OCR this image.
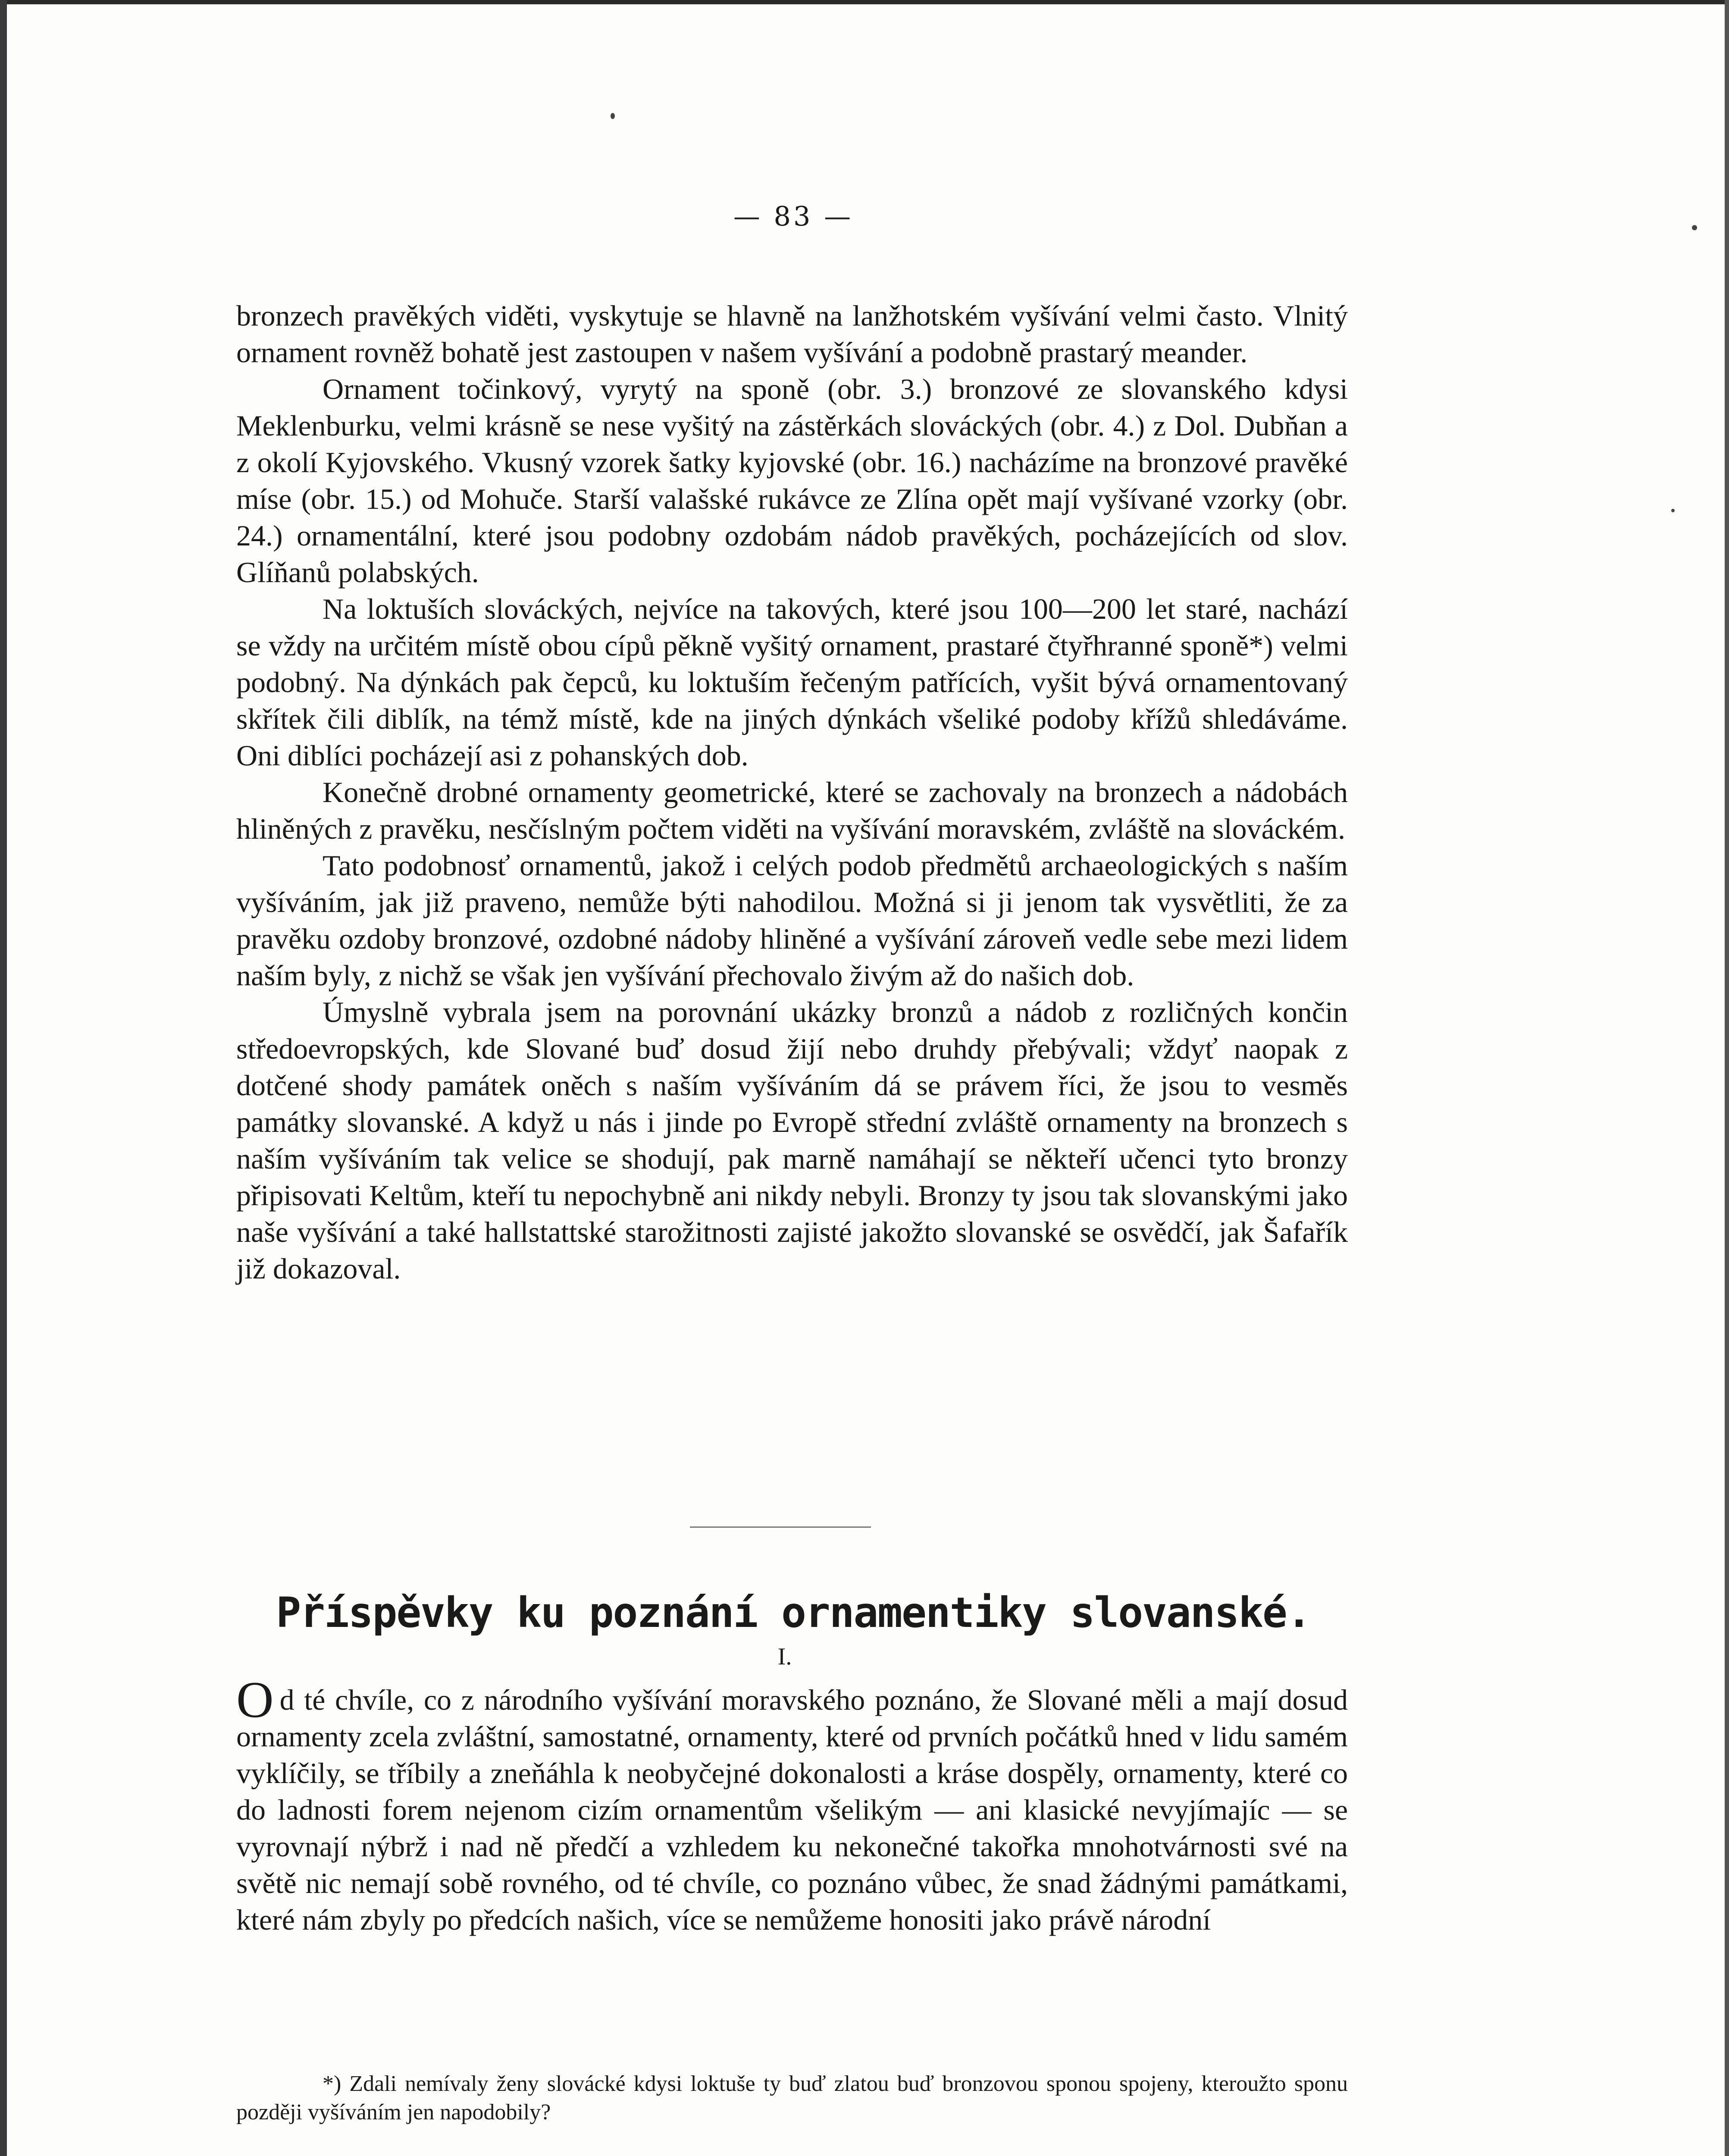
— 83 —

bronzech pravěkých viděti, vyskytuje se hlavně na lanžhotském vyšívání velmi často. Vlnitý ornament rovněž bohatě jest zastoupen v našem vyšívání a podobně prastarý meander.

Ornament točinkový, vyrytý na sponě (obr. 3.) bronzové ze slovanského kdysi Meklenburku, velmi krásně se nese vyšitý na zástěrkách slováckých (obr. 4.) z Dol. Dubňan a z okolí Kyjovského. Vkusný vzorek šatky kyjovské (obr. 16.) nacházíme na bronzové pravěké míse (obr. 15.) od Mohuče. Starší valašské rukávce ze Zlína opět mají vyšívané vzorky (obr. 24.) ornamentální, které jsou podobny ozdobám nádob pravěkých, pocházejících od slov. Glíňanů polabských.

Na loktuších slováckých, nejvíce na takových, které jsou 100—200 let staré, nachází se vždy na určitém místě obou cípů pěkně vyšitý ornament, prastaré čtyřhranné sponě*) velmi podobný. Na dýnkách pak čepců, ku loktuším řečeným patřících, vyšit bývá ornamentovaný skřítek čili diblík, na témž místě, kde na jiných dýnkách všeliké podoby křížů shledáváme. Oni diblíci pocházejí asi z pohanských dob.

Konečně drobné ornamenty geometrické, které se zachovaly na bronzech a nádobách hliněných z pravěku, nesčíslným počtem viděti na vyšívání moravském, zvláště na slováckém.

Tato podobnosť ornamentů, jakož i celých podob předmětů archaeologických s naším vyšíváním, jak již praveno, nemůže býti nahodilou. Možná si ji jenom tak vysvětliti, že za pravěku ozdoby bronzové, ozdobné nádoby hliněné a vyšívání zároveň vedle sebe mezi lidem naším byly, z nichž se však jen vyšívání přechovalo živým až do našich dob.

Úmyslně vybrala jsem na porovnání ukázky bronzů a nádob z rozličných končin středoevropských, kde Slované buď dosud žijí nebo druhdy přebývali; vždyť naopak z dotčené shody památek oněch s naším vyšíváním dá se právem říci, že jsou to vesměs památky slovanské. A když u nás i jinde po Evropě střední zvláště ornamenty na bronzech s naším vyšíváním tak velice se shodují, pak marně namáhají se někteří učenci tyto bronzy připisovati Keltům, kteří tu nepochybně ani nikdy nebyli. Bronzy ty jsou tak slovanskými jako naše vyšívání a také hallstattské starožitnosti zajisté jakožto slovanské se osvědčí, jak Šafařík již dokazoval.

Příspěvky ku poznání ornamentiky slovanské.
I.

Od té chvíle, co z národního vyšívání moravského poznáno, že Slované měli a mají dosud ornamenty zcela zvláštní, samostatné, ornamenty, které od prvních počátků hned v lidu samém vyklíčily, se tříbily a zneňáhla k neobyčejné dokonalosti a kráse dospěly, ornamenty, které co do ladnosti forem nejenom cizím ornamentům všelikým — ani klasické nevyjímajíc — se vyrovnají nýbrž i nad ně předčí a vzhledem ku nekonečné takořka mnohotvárnosti své na světě nic nemají sobě rovného, od té chvíle, co poznáno vůbec, že snad žádnými památkami, které nám zbyly po předcích našich, více se nemůžeme honositi jako právě národní

*) Zdali nemívaly ženy slovácké kdysi loktuše ty buď zlatou buď bronzovou sponou spojeny, kteroužto sponu později vyšíváním jen napodobily?
